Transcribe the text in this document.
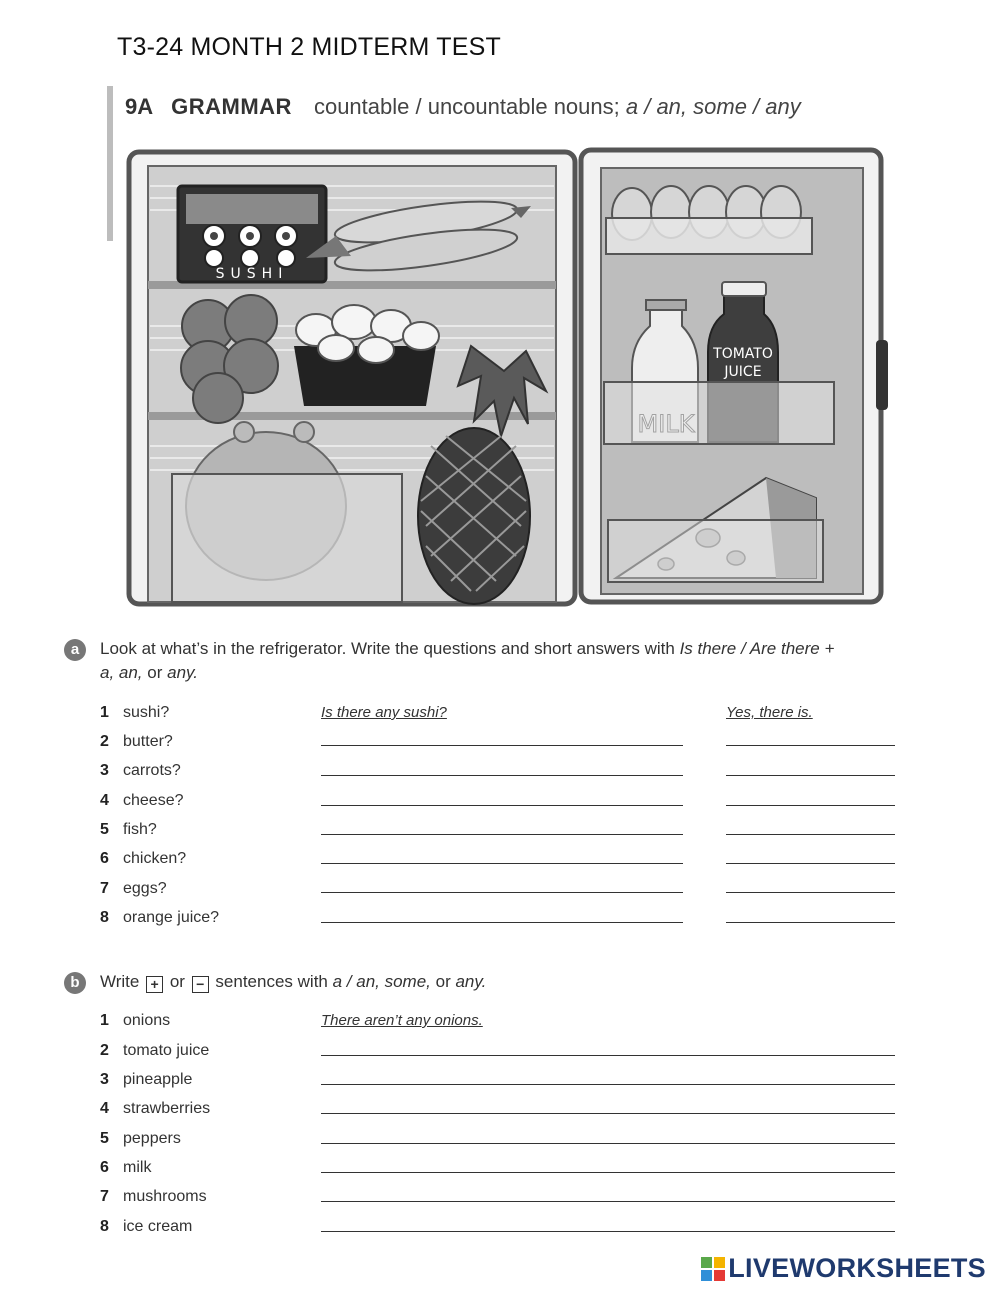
T3-24 MONTH 2 MIDTERM TEST
9A GRAMMAR countable / uncountable nouns; a / an, some / any
SUSHI
TOMATO
JUICE
a	Look at what’s in the refrigerator. Write the questions and short answers with Is there / Are there +
a, an, or any.
1 sushi?	Is there any sushi?	Yes, there is.
2 butter?
3 carrots?
4 cheese?
5 fish?
6 chicken?
7 eggs?
8 orange juice?
b	Write + or − sentences with a / an, some, or any.
1 onions	There aren’t any onions.
2 tomato juice
3 pineapple
4 strawberries
5 peppers
6 milk
7 mushrooms
8 ice cream
LIVEWORKSHEETS
